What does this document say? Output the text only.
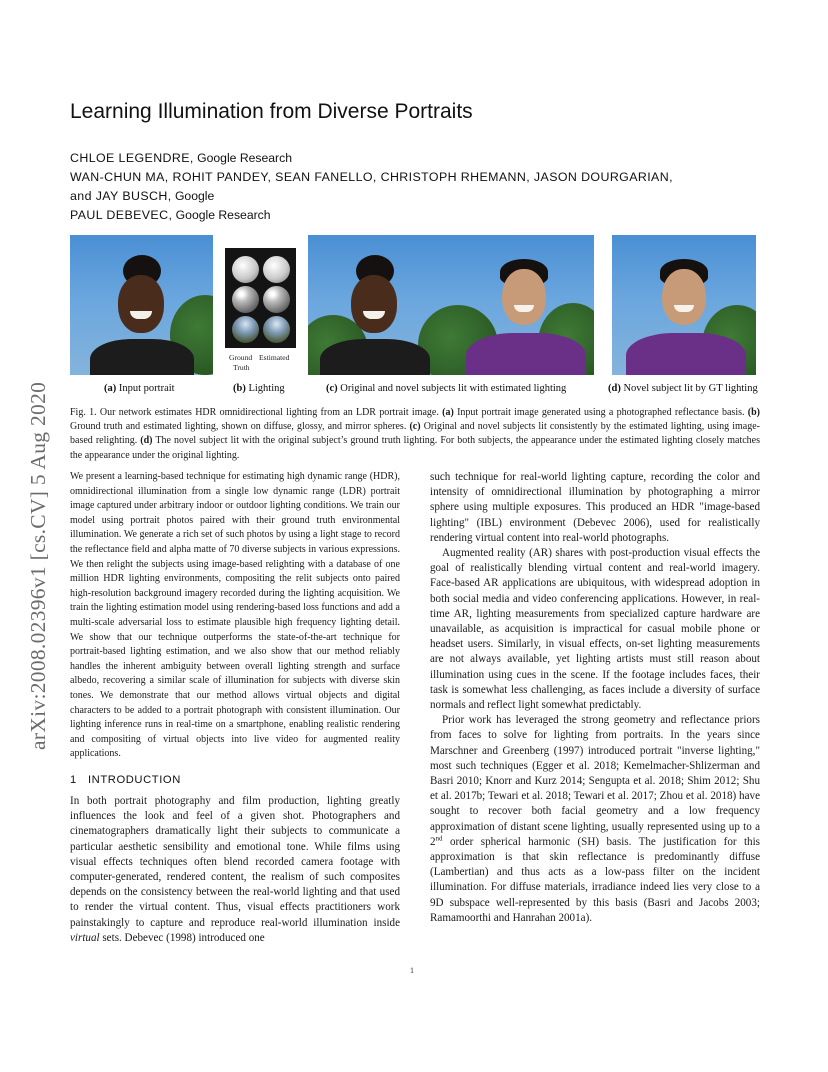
arXiv:2008.02396v1 [cs.CV] 5 Aug 2020
Learning Illumination from Diverse Portraits
CHLOE LEGENDRE, Google Research
WAN-CHUN MA, ROHIT PANDEY, SEAN FANELLO, CHRISTOPH RHEMANN, JASON DOURGARIAN,
and JAY BUSCH, Google
PAUL DEBEVEC, Google Research
Ground Estimated
Truth
(a) Input portrait	(b) Lighting	(c) Original and novel subjects lit with estimated lighting	(d) Novel subject lit by GT lighting
Fig. 1. Our network estimates HDR omnidirectional lighting from an LDR portrait image. (a) Input portrait image generated using a photographed reflectance basis. (b) Ground truth and estimated lighting, shown on diffuse, glossy, and mirror spheres. (c) Original and novel subjects lit consistently by the estimated lighting, using image-based relighting. (d) The novel subject lit with the original subject’s ground truth lighting. For both subjects, the appearance under the estimated lighting closely matches the appearance under the original lighting.
We present a learning-based technique for estimating high dynamic range (HDR), omnidirectional illumination from a single low dynamic range (LDR) portrait image captured under arbitrary indoor or outdoor lighting conditions. We train our model using portrait photos paired with their ground truth environmental illumination. We generate a rich set of such photos by using a light stage to record the reflectance field and alpha matte of 70 diverse subjects in various expressions. We then relight the subjects using image-based relighting with a database of one million HDR lighting environments, compositing the relit subjects onto paired high-resolution background imagery recorded during the lighting acquisition. We train the lighting estimation model using rendering-based loss functions and add a multi-scale adversarial loss to estimate plausible high frequency lighting detail. We show that our technique outperforms the state-of-the-art technique for portrait-based lighting estimation, and we also show that our method reliably handles the inherent ambiguity between overall lighting strength and surface albedo, recovering a similar scale of illumination for subjects with diverse skin tones. We demonstrate that our method allows virtual objects and digital characters to be added to a portrait photograph with consistent illumination. Our lighting inference runs in real-time on a smartphone, enabling realistic rendering and compositing of virtual objects into live video for augmented reality applications.
1 INTRODUCTION
In both portrait photography and film production, lighting greatly influences the look and feel of a given shot. Photographers and cinematographers dramatically light their subjects to communicate a particular aesthetic sensibility and emotional tone. While films using visual effects techniques often blend recorded camera footage with computer-generated, rendered content, the realism of such composites depends on the consistency between the real-world lighting and that used to render the virtual content. Thus, visual effects practitioners work painstakingly to capture and reproduce real-world illumination inside virtual sets. Debevec (1998) introduced one

such technique for real-world lighting capture, recording the color and intensity of omnidirectional illumination by photographing a mirror sphere using multiple exposures. This produced an HDR "image-based lighting" (IBL) environment (Debevec 2006), used for realistically rendering virtual content into real-world photographs.

Augmented reality (AR) shares with post-production visual effects the goal of realistically blending virtual content and real-world imagery. Face-based AR applications are ubiquitous, with widespread adoption in both social media and video conferencing applications. However, in real-time AR, lighting measurements from specialized capture hardware are unavailable, as acquisition is impractical for casual mobile phone or headset users. Similarly, in visual effects, on-set lighting measurements are not always available, yet lighting artists must still reason about illumination using cues in the scene. If the footage includes faces, their task is somewhat less challenging, as faces include a diversity of surface normals and reflect light somewhat predictably.

Prior work has leveraged the strong geometry and reflectance priors from faces to solve for lighting from portraits. In the years since Marschner and Greenberg (1997) introduced portrait "inverse lighting," most such techniques (Egger et al. 2018; Kemelmacher-Shlizerman and Basri 2010; Knorr and Kurz 2014; Sengupta et al. 2018; Shim 2012; Shu et al. 2017b; Tewari et al. 2018; Tewari et al. 2017; Zhou et al. 2018) have sought to recover both facial geometry and a low frequency approximation of distant scene lighting, usually represented using up to a 2nd order spherical harmonic (SH) basis. The justification for this approximation is that skin reflectance is predominantly diffuse (Lambertian) and thus acts as a low-pass filter on the incident illumination. For diffuse materials, irradiance indeed lies very close to a 9D subspace well-represented by this basis (Basri and Jacobs 2003; Ramamoorthi and Hanrahan 2001a).

1
